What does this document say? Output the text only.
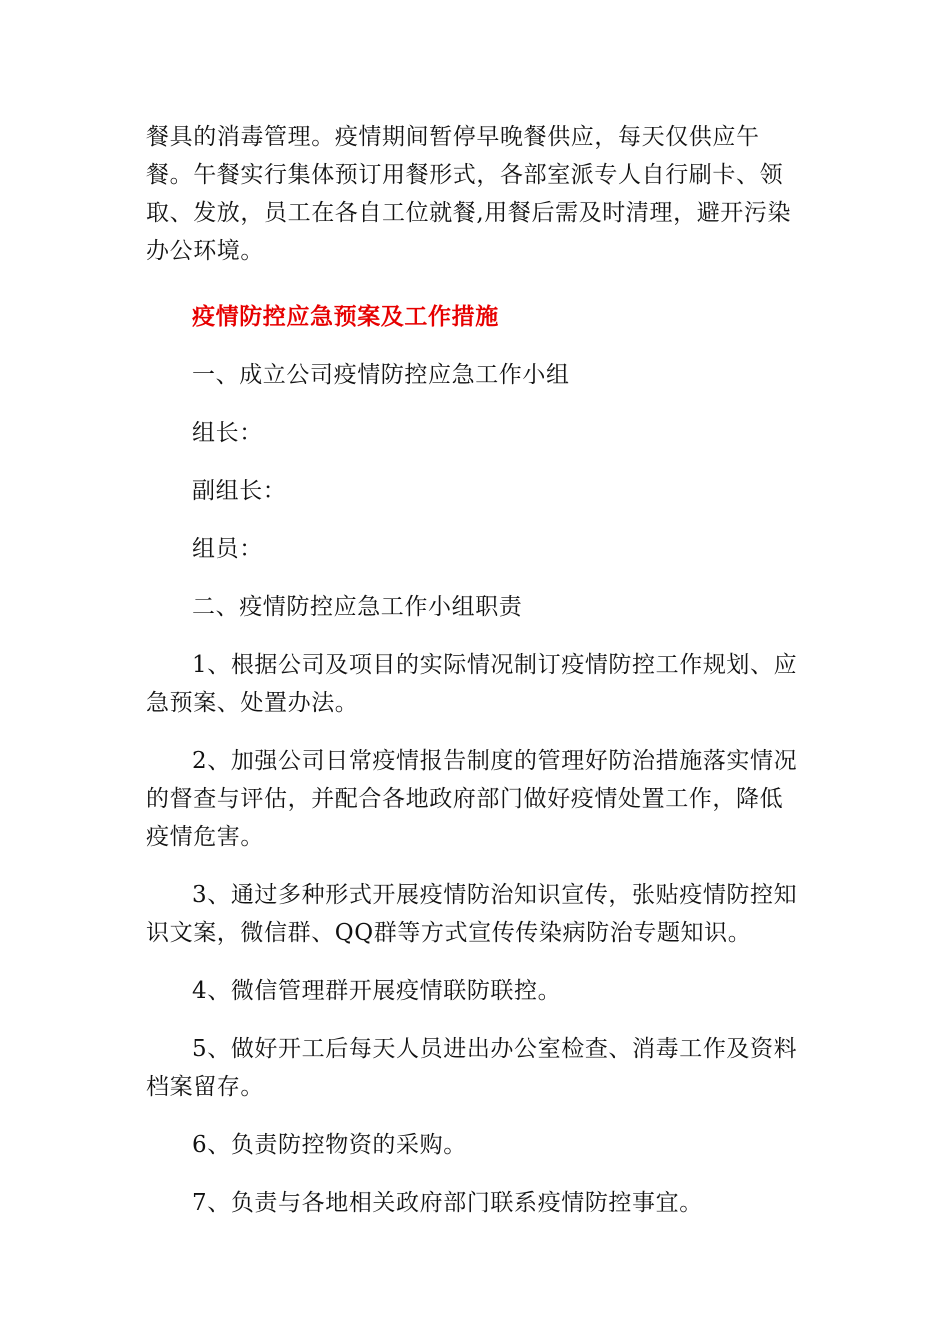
餐具的消毒管理。疫情期间暂停早晚餐供应，每天仅供应午餐。午餐实行集体预订用餐形式，各部室派专人自行刷卡、领取、发放，员工在各自工位就餐,用餐后需及时清理，避开污染办公环境。

疫情防控应急预案及工作措施

一、成立公司疫情防控应急工作小组

组长：

副组长：

组员：

二、疫情防控应急工作小组职责

1、根据公司及项目的实际情况制订疫情防控工作规划、应急预案、处置办法。

2、加强公司日常疫情报告制度的管理好防治措施落实情况的督查与评估，并配合各地政府部门做好疫情处置工作，降低疫情危害。

3、通过多种形式开展疫情防治知识宣传，张贴疫情防控知识文案，微信群、QQ群等方式宣传传染病防治专题知识。

4、微信管理群开展疫情联防联控。

5、做好开工后每天人员进出办公室检查、消毒工作及资料档案留存。

6、负责防控物资的采购。

7、负责与各地相关政府部门联系疫情防控事宜。
